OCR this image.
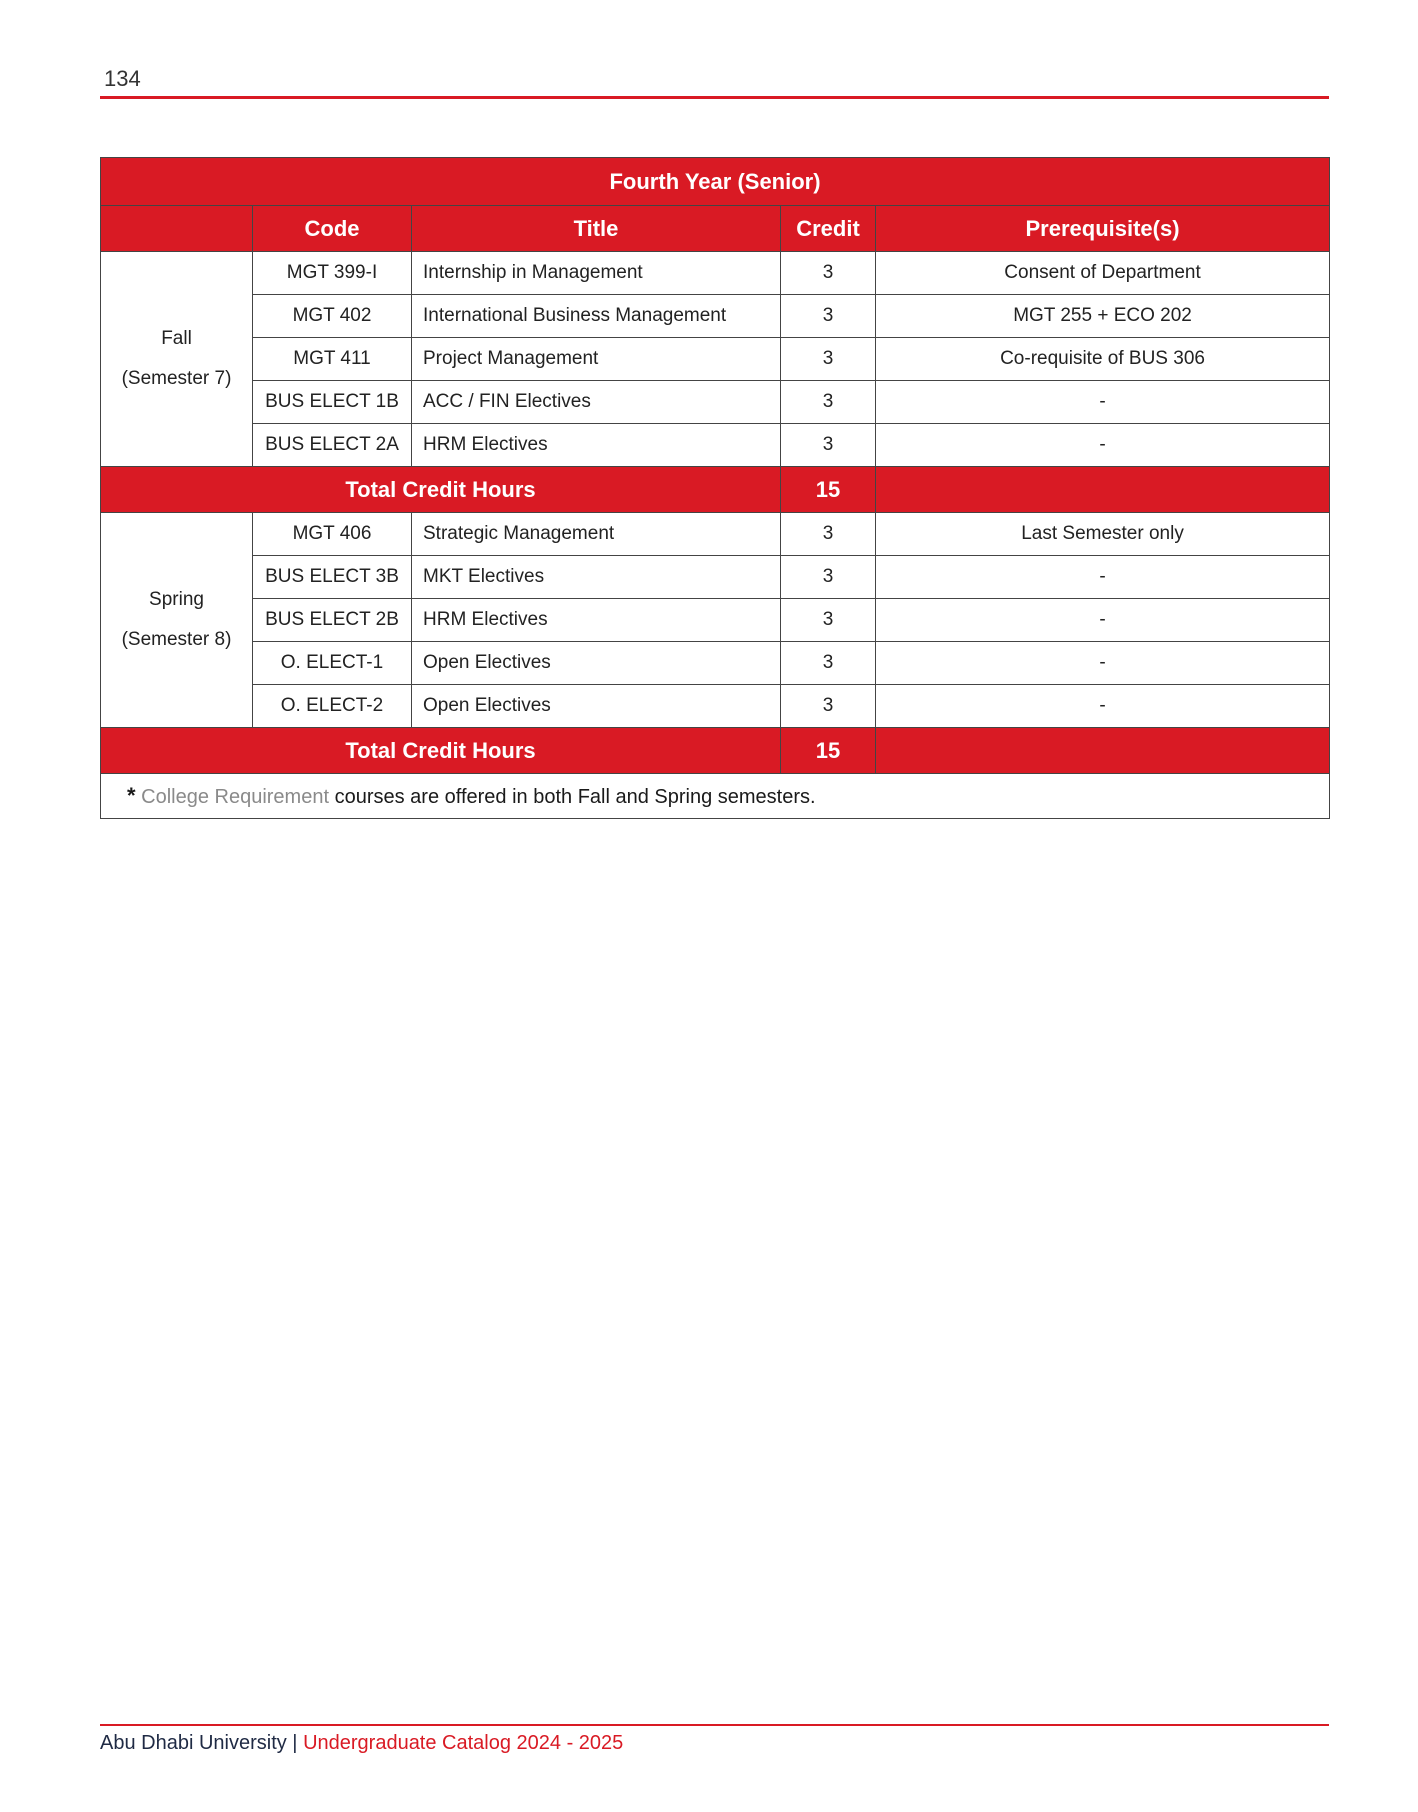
134
Fourth Year (Senior)				
	Code	Title	Credit	Prerequisite(s)

Fall
(Semester 7)	MGT 399-I	Internship in Management	3	Consent of Department
	MGT 402	International Business Management	3	MGT 255 + ECO 202
	MGT 411	Project Management	3	Co-requisite of BUS 306
	BUS ELECT 1B	ACC / FIN Electives	3	-
	BUS ELECT 2A	HRM Electives	3	-
Total Credit Hours			15	

Spring
(Semester 8)	MGT 406	Strategic Management	3	Last Semester only
	BUS ELECT 3B	MKT Electives	3	-
	BUS ELECT 2B	HRM Electives	3	-
	O. ELECT-1	Open Electives	3	-
	O. ELECT-2	Open Electives	3	-
Total Credit Hours			15	
* College Requirement courses are offered in both Fall and Spring semesters.				
Abu Dhabi University | Undergraduate Catalog 2024 - 2025
